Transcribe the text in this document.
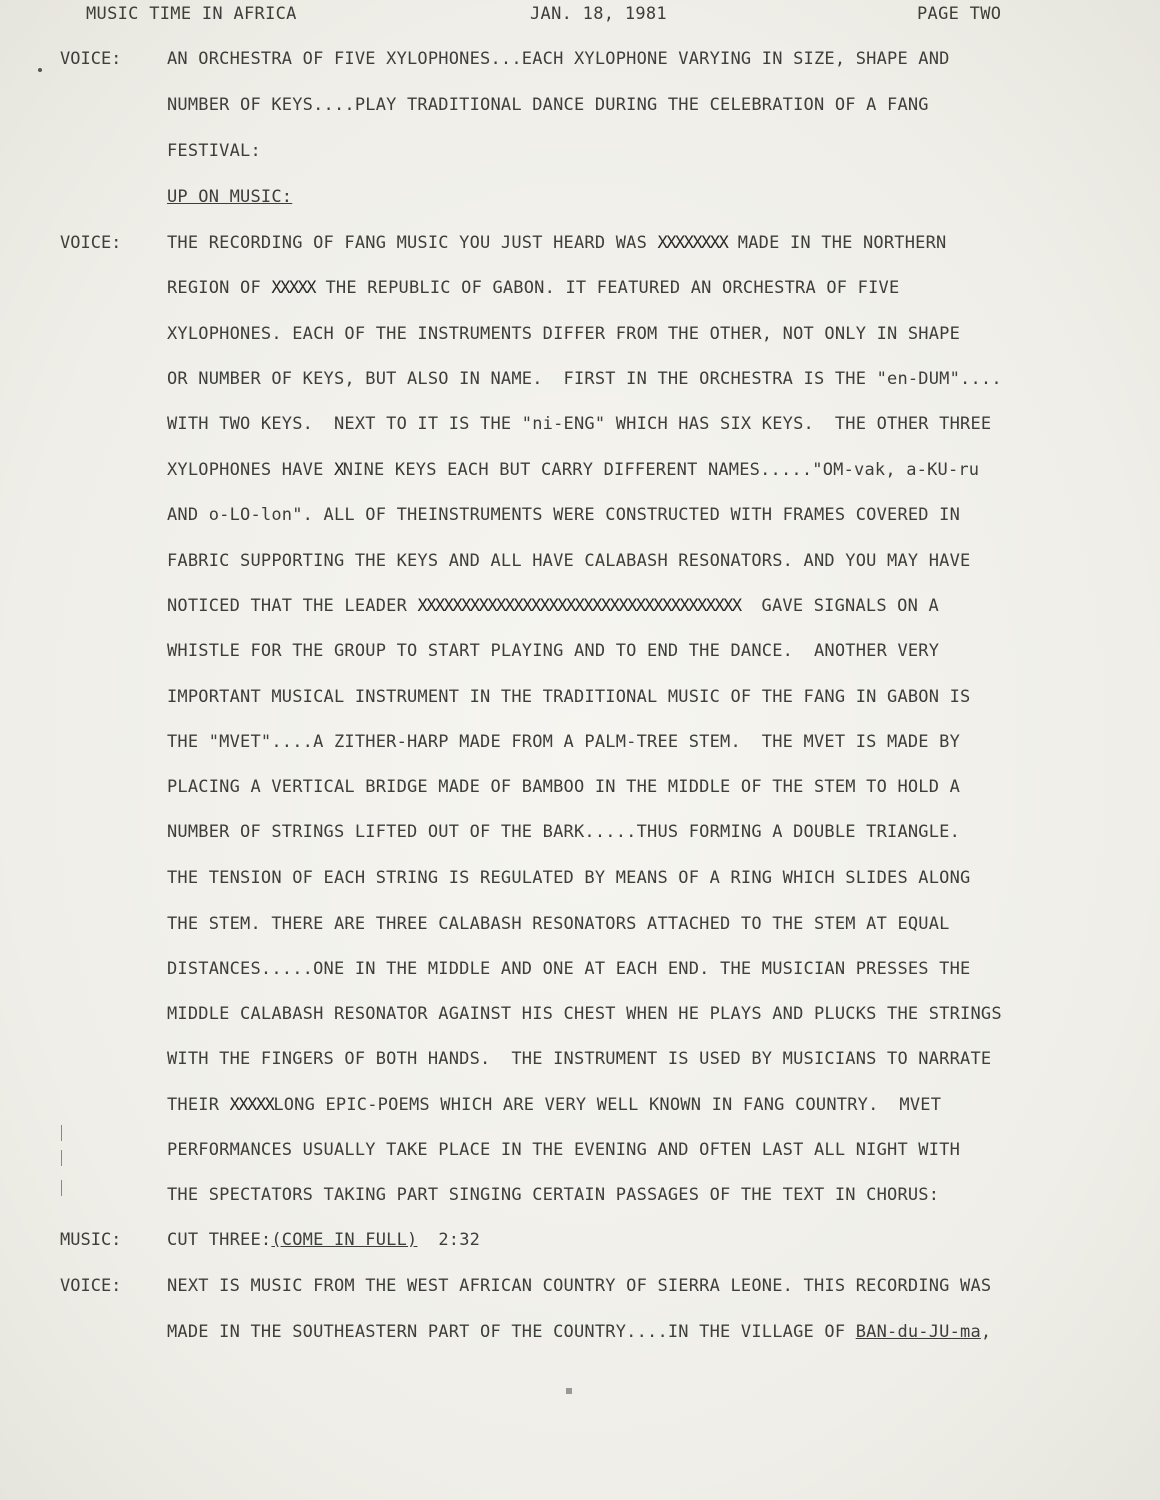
MUSIC TIME IN AFRICA	JAN. 18, 1981	PAGE TWO
VOICE:	AN ORCHESTRA OF FIVE XYLOPHONES...EACH XYLOPHONE VARYING IN SIZE, SHAPE AND
NUMBER OF KEYS....PLAY TRADITIONAL DANCE DURING THE CELEBRATION OF A FANG
FESTIVAL:
UP ON MUSIC:
VOICE:	THE RECORDING OF FANG MUSIC YOU JUST HEARD WAS XXXXXXXX MADE IN THE NORTHERN
REGION OF XXXXX THE REPUBLIC OF GABON. IT FEATURED AN ORCHESTRA OF FIVE
XYLOPHONES. EACH OF THE INSTRUMENTS DIFFER FROM THE OTHER, NOT ONLY IN SHAPE
OR NUMBER OF KEYS, BUT ALSO IN NAME.  FIRST IN THE ORCHESTRA IS THE "en-DUM"....
WITH TWO KEYS.  NEXT TO IT IS THE "ni-ENG" WHICH HAS SIX KEYS.  THE OTHER THREE
XYLOPHONES HAVE XNINE KEYS EACH BUT CARRY DIFFERENT NAMES....."OM-vak, a-KU-ru
AND o-LO-lon". ALL OF THEINSTRUMENTS WERE CONSTRUCTED WITH FRAMES COVERED IN
FABRIC SUPPORTING THE KEYS AND ALL HAVE CALABASH RESONATORS. AND YOU MAY HAVE
NOTICED THAT THE LEADER XXXXXXXXXXXXXXXXXXXXXXXXXXXXXXXXXXXXX GAVE SIGNALS ON A
WHISTLE FOR THE GROUP TO START PLAYING AND TO END THE DANCE.  ANOTHER VERY
IMPORTANT MUSICAL INSTRUMENT IN THE TRADITIONAL MUSIC OF THE FANG IN GABON IS
THE "MVET"....A ZITHER-HARP MADE FROM A PALM-TREE STEM.  THE MVET IS MADE BY
PLACING A VERTICAL BRIDGE MADE OF BAMBOO IN THE MIDDLE OF THE STEM TO HOLD A
NUMBER OF STRINGS LIFTED OUT OF THE BARK.....THUS FORMING A DOUBLE TRIANGLE.
THE TENSION OF EACH STRING IS REGULATED BY MEANS OF A RING WHICH SLIDES ALONG
THE STEM. THERE ARE THREE CALABASH RESONATORS ATTACHED TO THE STEM AT EQUAL
DISTANCES.....ONE IN THE MIDDLE AND ONE AT EACH END. THE MUSICIAN PRESSES THE
MIDDLE CALABASH RESONATOR AGAINST HIS CHEST WHEN HE PLAYS AND PLUCKS THE STRINGS
WITH THE FINGERS OF BOTH HANDS.  THE INSTRUMENT IS USED BY MUSICIANS TO NARRATE
THEIR XXXXXLONG EPIC-POEMS WHICH ARE VERY WELL KNOWN IN FANG COUNTRY.  MVET
PERFORMANCES USUALLY TAKE PLACE IN THE EVENING AND OFTEN LAST ALL NIGHT WITH
THE SPECTATORS TAKING PART SINGING CERTAIN PASSAGES OF THE TEXT IN CHORUS:
MUSIC:	CUT THREE:(COME IN FULL)  2:32
VOICE:	NEXT IS MUSIC FROM THE WEST AFRICAN COUNTRY OF SIERRA LEONE. THIS RECORDING WAS
MADE IN THE SOUTHEASTERN PART OF THE COUNTRY....IN THE VILLAGE OF BAN-du-JU-ma,
